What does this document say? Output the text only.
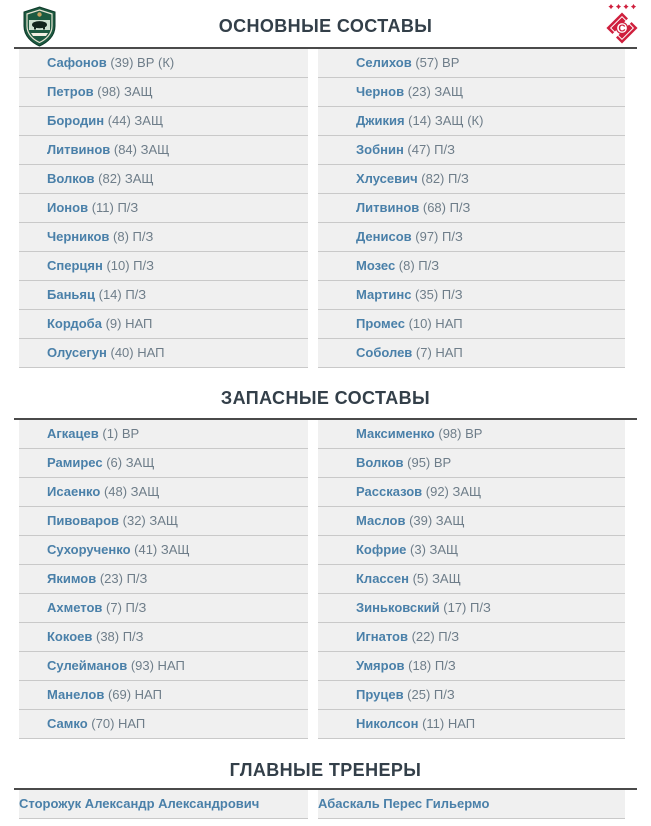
ОСНОВНЫЕ СОСТАВЫ	С
Сафонов (39) ВР (К)
Петров (98) ЗАЩ
Бородин (44) ЗАЩ
Литвинов (84) ЗАЩ
Волков (82) ЗАЩ
Ионов (11) П/З
Черников (8) П/З
Сперцян (10) П/З
Баньяц (14) П/З
Кордоба (9) НАП
Олусегун (40) НАП
Селихов (57) ВР
Чернов (23) ЗАЩ
Джикия (14) ЗАЩ (К)
Зобнин (47) П/З
Хлусевич (82) П/З
Литвинов (68) П/З
Денисов (97) П/З
Мозес (8) П/З
Мартинс (35) П/З
Промес (10) НАП
Соболев (7) НАП
ЗАПАСНЫЕ СОСТАВЫ
Агкацев (1) ВР
Рамирес (6) ЗАЩ
Исаенко (48) ЗАЩ
Пивоваров (32) ЗАЩ
Сухорученко (41) ЗАЩ
Якимов (23) П/З
Ахметов (7) П/З
Кокоев (38) П/З
Сулейманов (93) НАП
Манелов (69) НАП
Самко (70) НАП
Максименко (98) ВР
Волков (95) ВР
Рассказов (92) ЗАЩ
Маслов (39) ЗАЩ
Кофрие (3) ЗАЩ
Классен (5) ЗАЩ
Зиньковский (17) П/З
Игнатов (22) П/З
Умяров (18) П/З
Пруцев (25) П/З
Николсон (11) НАП
ГЛАВНЫЕ ТРЕНЕРЫ
Сторожук Александр Александрович	Абаскаль Перес Гильермо
